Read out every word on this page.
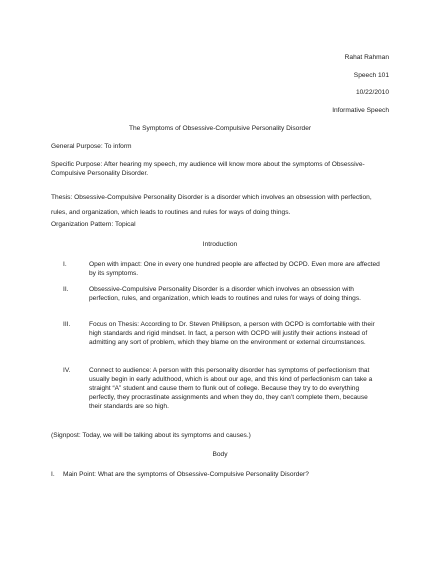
Rahat Rahman
Speech 101
10/22/2010
Informative Speech
The Symptoms of Obsessive-Compulsive Personality Disorder
General Purpose: To inform
Specific Purpose: After hearing my speech, my audience will know more about the symptoms of Obsessive-Compulsive Personality Disorder.
Thesis: Obsessive-Compulsive Personality Disorder is a disorder which involves an obsession with perfection, rules, and organization, which leads to routines and rules for ways of doing things.
Organization Pattern: Topical
Introduction
I.	Open with impact: One in every one hundred people are affected by OCPD. Even more are affected by its symptoms.
II.	Obsessive-Compulsive Personality Disorder is a disorder which involves an obsession with perfection, rules, and organization, which leads to routines and rules for ways of doing things.
III.	Focus on Thesis: According to Dr. Steven Phillipson, a person with OCPD is comfortable with their high standards and rigid mindset. In fact, a person with OCPD will justify their actions instead of admitting any sort of problem, which they blame on the environment or external circumstances.
IV.	Connect to audience: A person with this personality disorder has symptoms of perfectionism that usually begin in early adulthood, which is about our age, and this kind of perfectionism can take a straight “A” student and cause them to flunk out of college. Because they try to do everything perfectly, they procrastinate assignments and when they do, they can’t complete them, because their standards are so high.
(Signpost: Today, we will be talking about its symptoms and causes.)
Body
I. Main Point: What are the symptoms of Obsessive-Compulsive Personality Disorder?
